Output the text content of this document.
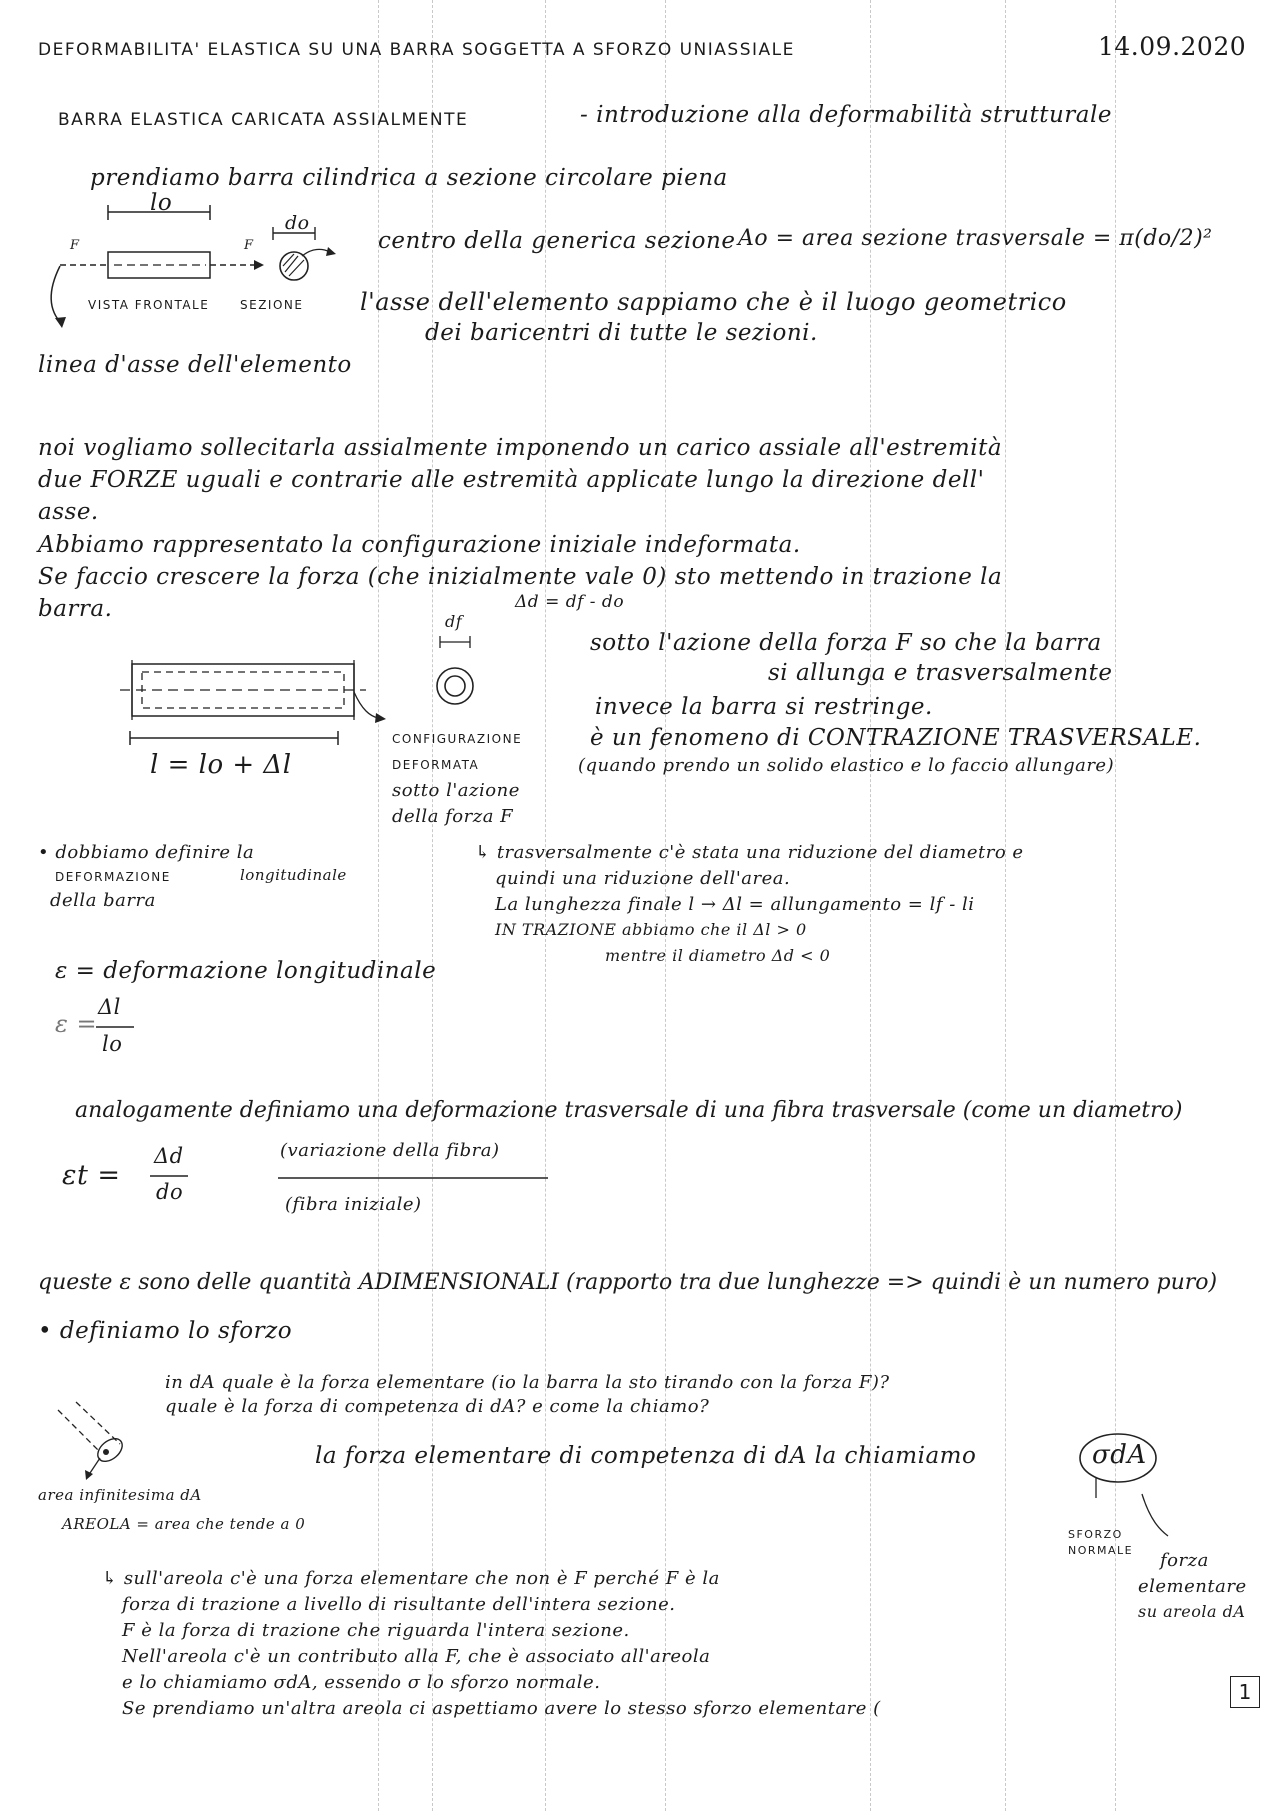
DEFORMABILITA' ELASTICA SU UNA BARRA SOGGETTA A SFORZO UNIASSIALE	14.09.2020
BARRA ELASTICA CARICATA ASSIALMENTE	- introduzione alla deformabilità strutturale
prendiamo barra cilindrica a sezione circolare piena
lo
do
F	F
VISTA FRONTALE	SEZIONE
centro della generica sezione Ao = area sezione trasversale = π(do/2)²
l'asse dell'elemento sappiamo che è il luogo geometrico
dei baricentri di tutte le sezioni.
linea d'asse dell'elemento
noi vogliamo sollecitarla assialmente imponendo un carico assiale all'estremità
due FORZE uguali e contrarie alle estremità applicate lungo la direzione dell'
asse.
Abbiamo rappresentato la configurazione iniziale indeformata.
Se faccio crescere la forza (che inizialmente vale 0) sto mettendo in trazione la
barra.	Δd = df - do
df
l = lo + Δl
CONFIGURAZIONE
DEFORMATA
sotto l'azione
della forza F
sotto l'azione della forza F so che la barra
si allunga e trasversalmente
invece la barra si restringe.
è un fenomeno di CONTRAZIONE TRASVERSALE.
(quando prendo un solido elastico e lo faccio allungare)
• dobbiamo definire la
DEFORMAZIONE	longitudinale
della barra
↳ trasversalmente c'è stata una riduzione del diametro e
quindi una riduzione dell'area.
La lunghezza finale l → Δl = allungamento = lf - li
IN TRAZIONE abbiamo che il Δl > 0
mentre il diametro Δd < 0
ε = deformazione longitudinale
ε =
Δl
lo
analogamente definiamo una deformazione trasversale di una fibra trasversale (come un diametro)
εt =
Δd
do
(variazione della fibra)
(fibra iniziale)
queste ε sono delle quantità ADIMENSIONALI (rapporto tra due lunghezze => quindi è un numero puro)
• definiamo lo sforzo
in dA quale è la forza elementare (io la barra la sto tirando con la forza F)?
quale è la forza di competenza di dA? e come la chiamo?
la forza elementare di competenza di dA la chiamiamo	σdA
SFORZO
NORMALE forza
elementare
su areola dA
area infinitesima dA
AREOLA = area che tende a 0
↳ sull'areola c'è una forza elementare che non è F perché F è la
forza di trazione a livello di risultante dell'intera sezione.
F è la forza di trazione che riguarda l'intera sezione.
Nell'areola c'è un contributo alla F, che è associato all'areola
e lo chiamiamo σdA, essendo σ lo sforzo normale.
Se prendiamo un'altra areola ci aspettiamo avere lo stesso sforzo elementare (
1
